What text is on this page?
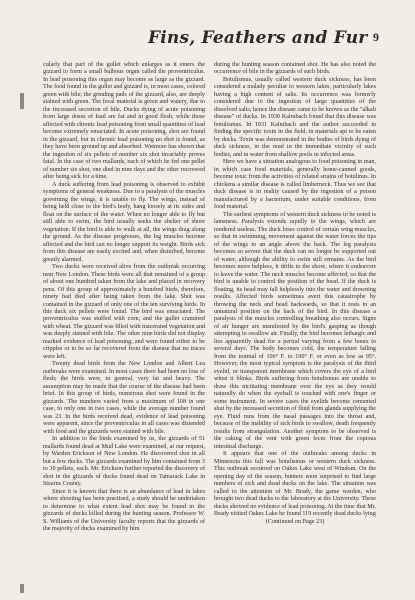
Fins, Feathers and Fur 9

cularly that part of the gullet which enlarges as it enters the gizzard to form a small bulbous organ called the proventriculus. In lead poisoning this organ may become as large as the gizzard. The food found in the gullet and gizzard is, in most cases, colored green with bile; the grinding pads of the gizzard, also, are deeply stained with green. The fecal material is green and watery, due to the increased secretion of bile. Ducks dying of acute poisoning from large doses of lead are fat and in good flesh, while those affected with chronic lead poisoning from small quantities of lead become extremely emaciated. In acute poisoning, shot are found in the gizzard, but in chronic lead poisoning no shot is found, as they have been ground up and absorbed. Wetmore has shown that the ingestion of six pellets of number six shot invariably proves fatal. In the case of two mallards, each of which he fed one pellet of number six shot, one died in nine days and the other recovered after being sick for a time.

A duck suffering from lead poisoning is observed to exhibit symptoms of general weakness. Due to a paralysis of the muscles governing the wings, it is unable to fly. The wings, instead of being held close to the bird's body, hang loosely at its sides and float on the surface of the water. When no longer able to fly but still able to swim, the bird usually seeks the shelter of shore vegetation. If the bird is able to walk at all, the wings drag along the ground. As the disease progresses, the leg muscles become affected and the bird can no longer support its weight. Birds sick from this disease are easily excited and, when disturbed, become greatly alarmed.

Two ducks were received alive from the outbreak occurring near New London. These birds were all that remained of a group of about one hundred taken from the lake and placed in recovery pens. Of this group of approximately a hundred birds, therefore, ninety had died after being taken from the lake. Shot was contained in the gizzard of only one of the ten surviving birds. In this duck six pellets were found. The bird was emaciated. The proventriculus was stuffed with corn, and the gullet crammed with wheat. The gizzard was filled with macerated vegetation and was deeply stained with bile. The other nine birds did not display marked evidence of lead poisoning, and were found either to be cripples or to be so far recovered from the disease that no traces were left.

Twenty dead birds from the New London and Albert Lea outbreaks were examined. In most cases there had been no loss of flesh; the birds were, in general, very fat and heavy. The assumption may be made that the course of the disease had been brief. In this group of birds, numerous shot were found in the gizzards. The numbers varied from a maximum of 108 in one case, to only one in two cases, while the average number found was 23. In the birds received dead, evidence of lead poisoning were apparent, since the proventriculus in all cases was distended with food and the gizzards were stained with bile.

In addition to the birds examined by us, the gizzards of 51 mallards found dead at Mud Lake were examined, at our request, by Warden Erickson of New London. He discovered shot in all but a few ducks. The gizzards examined by him contained from 3 to 30 pellets, each. Mr. Erickson further reported the discovery of shot in the gizzards of ducks found dead on Tamarack Lake in Stearns County.

Since it is known that there is an abundance of lead in lakes where shooting has been practised, a study should be undertaken to determine to what extent lead shot may be found in the gizzards of ducks killed during the hunting season. Professor W. S. Williams of the University faculty reports that the gizzards of the majority of ducks examined by him

during the hunting season contained shot. He has also noted the occurrence of bile in the gizzards of such birds.

Botulismus, usually called western duck sickness, has been considered a malady peculiar to western lakes, particularly lakes having a high content of salts. Its occurrence was formerly considered due to the ingestion of large quantities of the dissolved salts; hence the disease came to be known as the "alkali disease" of ducks. In 1930 Kalmbach found that this disease was botulismus. In 1931 Kalmbach and the author succeeded in finding the specific toxin in the field, in materials apt to be eaten by ducks. Toxin was demonstrated in the bodies of birds dying of duck sickness, in the mud in the immediate vicinity of such bodies, and in water from shallow pools in infected areas.

Here we have a situation analogous to food poisoning in man, in which case food materials, generally home-canned goods, become toxic from the activities of related strains of botulinus. In chickens a similar disease is called limberneck. Thus we see that duck disease is in reality caused by the ingestion of a poison manufactured by a bacterium, under suitable conditions, from food material.

The earliest symptoms of western duck sickness to be noted is lameness. Paralysis extends rapidly to the wings, which are rendered useless. The duck loses control of certain wing muscles, so that in swimming, movement against the water forces the tips of the wings to an angle above the back. The leg paralysis becomes so severe that the duck can no longer be supported out of water, although the ability to swim still remains. As the bird becomes more helpless, it drifts to the shore, where it endeavors to leave the water. The neck muscles become affected, so that the bird is unable to control the position of the head. If the duck is floating, its head may fall helplessly into the water and drowning results. Affected birds sometimes avert this catastrophe by throwing the neck and head backwards, so that it rests in an unnatural position on the back of the bird. In this disease a paralysis of the muscles controlling breathing also occurs. Signs of air hunger are manifested by the bird's gasping as though attempting to swallow air. Finally, the bird becomes lethargic and lies apparently dead for a period varying from a few hours to several days. The body becomes cold, the temperature falling from the normal of 106° F. to 100° F. or even as low as 95°. However, the most typical symptom is the paralysis of the third eyelid, or transparent membrane which covers the eye of a bird when it blinks. Birds suffering from botulismus are unable to draw this nictitating membrane over the eye as they would naturally do when the eyeball is touched with one's finger or some instrument. In severe cases the eyelids become cemented shut by the increased secretion of fluid from glands supplying the eye. Fluid runs from the nasal passages into the throat and, because of the inability of sick birds to swallow, death frequently results from strangulation. Another symptom to be observed is the caking of the vent with green feces from the copious intestinal discharge.

It appears that one of the outbreaks among ducks in Minnesota this fall was botulismus or western duck sickness. This outbreak occurred on Oakes Lake west of Windom. On the opening day of the season, hunters were surprised to find large numbers of sick and dead ducks on the lake. The situation was called to the attention of Mr. Brady, the game warden, who brought two dead ducks to the laboratory at the University. These ducks showed no evidence of lead poisoning. At the time that Mr. Brady visited Oakes Lake he found 119 recently dead ducks lying

(Continued on Page 23)
